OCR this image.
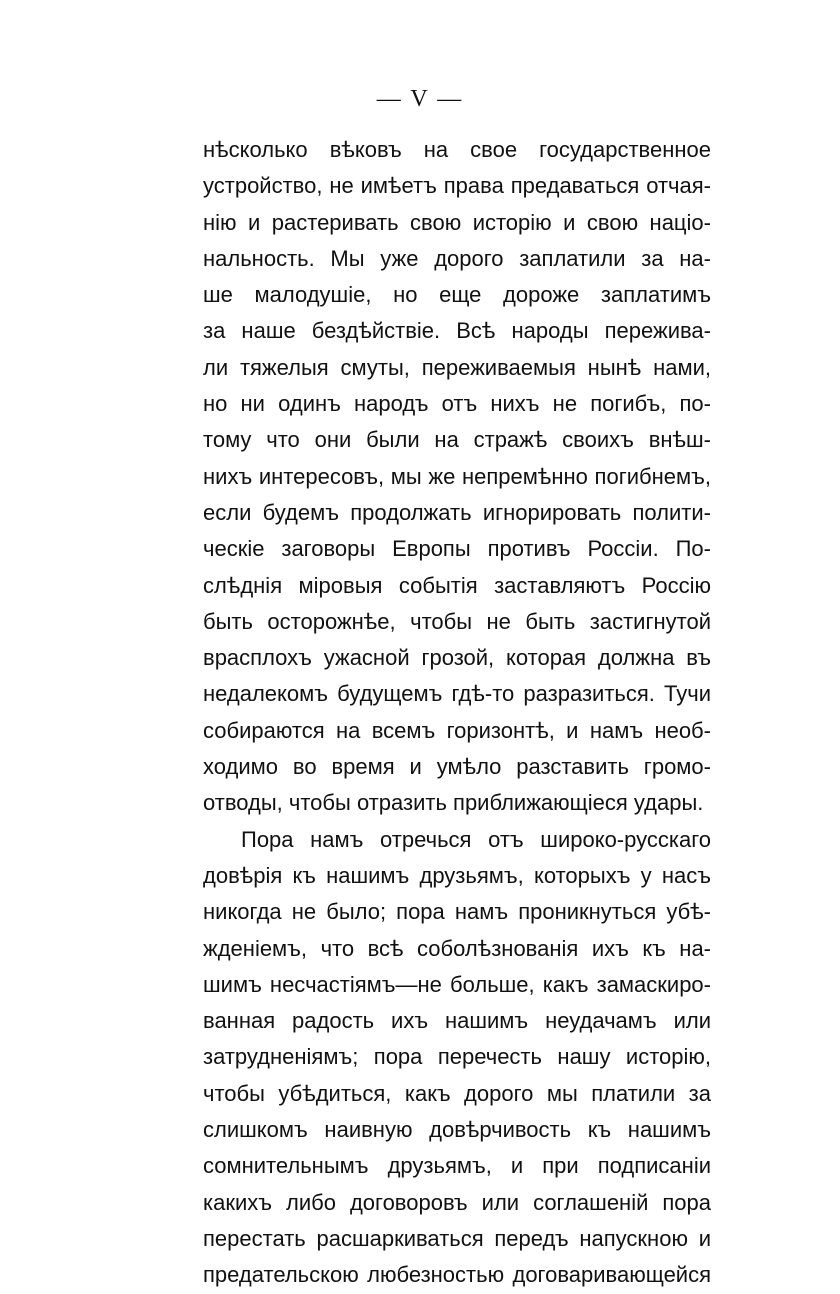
— V —
нѣсколько вѣковъ на свое государственное
устройство, не имѣетъ права предаваться отчая-
нію и растеривать свою исторію и свою націо-
нальность. Мы уже дорого заплатили за на-
ше малодушіе, но еще дороже заплатимъ
за наше бездѣйствіе. Всѣ народы пережива-
ли тяжелыя смуты, переживаемыя нынѣ нами,
но ни одинъ народъ отъ нихъ не погибъ, по-
тому что они были на стражѣ своихъ внѣш-
нихъ интересовъ, мы же непремѣнно погибнемъ,
если будемъ продолжать игнорировать полити-
ческіе заговоры Европы противъ Россіи. По-
слѣднія міровыя событія заставляютъ Россію
быть осторожнѣе, чтобы не быть застигнутой
врасплохъ ужасной грозой, которая должна въ
недалекомъ будущемъ гдѣ-то разразиться. Тучи
собираются на всемъ горизонтѣ, и намъ необ-
ходимо во время и умѣло разставить громо-
отводы, чтобы отразить приближающіеся удары.
Пора намъ отречься отъ широко-русскаго
довѣрія къ нашимъ друзьямъ, которыхъ у насъ
никогда не было; пора намъ проникнуться убѣ-
жденіемъ, что всѣ соболѣзнованія ихъ къ на-
шимъ несчастіямъ—не больше, какъ замаскиро-
ванная радость ихъ нашимъ неудачамъ или
затрудненіямъ; пора перечесть нашу исторію,
чтобы убѣдиться, какъ дорого мы платили за
слишкомъ наивную довѣрчивость къ нашимъ
сомнительнымъ друзьямъ, и при подписаніи
какихъ либо договоровъ или соглашеній пора
перестать расшаркиваться передъ напускною и
предательскою любезностью договаривающейся
